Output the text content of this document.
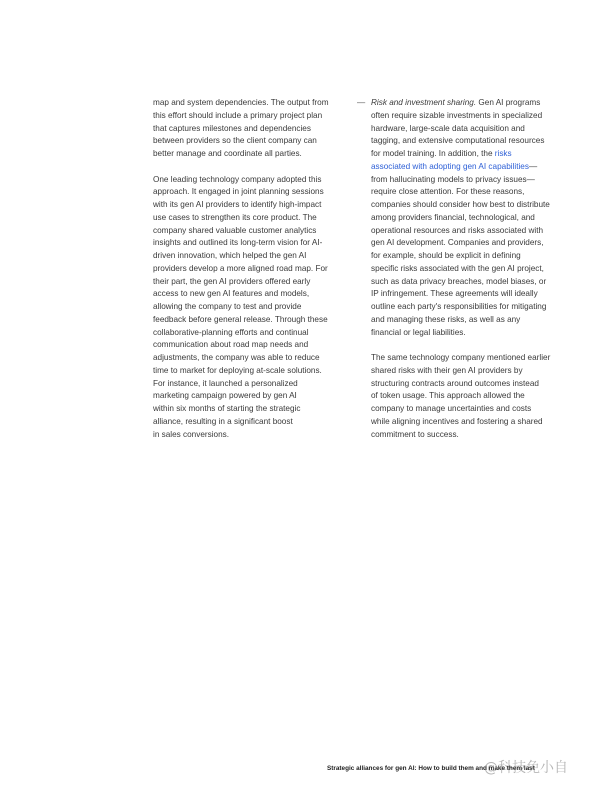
map and system dependencies. The output from
this effort should include a primary project plan
that captures milestones and dependencies
between providers so the client company can
better manage and coordinate all parties.
One leading technology company adopted this
approach. It engaged in joint planning sessions
with its gen AI providers to identify high-impact
use cases to strengthen its core product. The
company shared valuable customer analytics
insights and outlined its long-term vision for AI-
driven innovation, which helped the gen AI
providers develop a more aligned road map. For
their part, the gen AI providers offered early
access to new gen AI features and models,
allowing the company to test and provide
feedback before general release. Through these
collaborative-planning efforts and continual
communication about road map needs and
adjustments, the company was able to reduce
time to market for deploying at-scale solutions.
For instance, it launched a personalized
marketing campaign powered by gen AI
within six months of starting the strategic
alliance, resulting in a significant boost
in sales conversions.
— Risk and investment sharing. Gen AI programs
often require sizable investments in specialized
hardware, large-scale data acquisition and
tagging, and extensive computational resources
for model training. In addition, the risks
associated with adopting gen AI capabilities—
from hallucinating models to privacy issues—
require close attention. For these reasons,
companies should consider how best to distribute
among providers financial, technological, and
operational resources and risks associated with
gen AI development. Companies and providers,
for example, should be explicit in defining
specific risks associated with the gen AI project,
such as data privacy breaches, model biases, or
IP infringement. These agreements will ideally
outline each party's responsibilities for mitigating
and managing these risks, as well as any
financial or legal liabilities.
The same technology company mentioned earlier
shared risks with their gen AI providers by
structuring contracts around outcomes instead
of token usage. This approach allowed the
company to manage uncertainties and costs
while aligning incentives and fostering a shared
commitment to success.
Strategic alliances for gen AI: How to build them and make them last
@科技免小自
